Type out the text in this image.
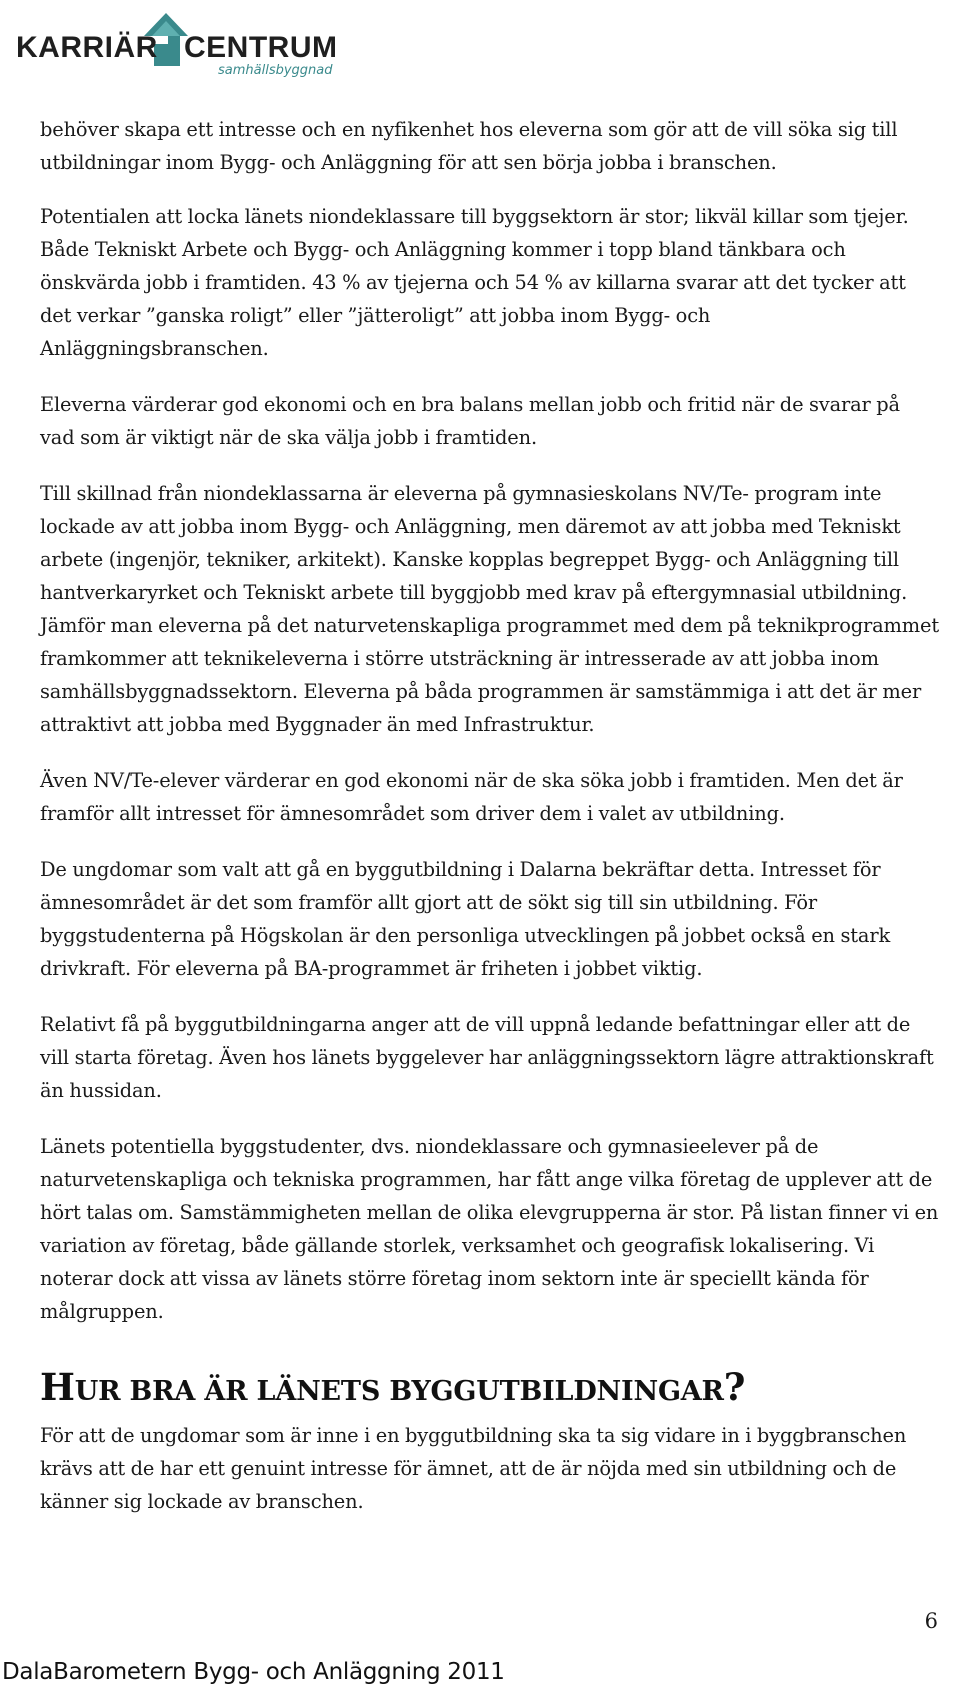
KARRIÄR CENTRUM
samhällsbyggnad

behöver skapa ett intresse och en nyfikenhet hos eleverna som gör att de vill söka sig till utbildningar inom Bygg- och Anläggning för att sen börja jobba i branschen.

Potentialen att locka länets niondeklassare till byggsektorn är stor; likväl killar som tjejer. Både Tekniskt Arbete och Bygg- och Anläggning kommer i topp bland tänkbara och önskvärda jobb i framtiden. 43 % av tjejerna och 54 % av killarna svarar att det tycker att det verkar ”ganska roligt” eller ”jätteroligt” att jobba inom Bygg- och Anläggningsbranschen.

Eleverna värderar god ekonomi och en bra balans mellan jobb och fritid när de svarar på vad som är viktigt när de ska välja jobb i framtiden.

Till skillnad från niondeklassarna är eleverna på gymnasieskolans NV/Te- program inte lockade av att jobba inom Bygg- och Anläggning, men däremot av att jobba med Tekniskt arbete (ingenjör, tekniker, arkitekt). Kanske kopplas begreppet Bygg- och Anläggning till hantverkaryrket och Tekniskt arbete till byggjobb med krav på eftergymnasial utbildning. Jämför man eleverna på det naturvetenskapliga programmet med dem på teknikprogrammet framkommer att teknikeleverna i större utsträckning är intresserade av att jobba inom samhällsbyggnadssektorn. Eleverna på båda programmen är samstämmiga i att det är mer attraktivt att jobba med Byggnader än med Infrastruktur.

Även NV/Te-elever värderar en god ekonomi när de ska söka jobb i framtiden. Men det är framför allt intresset för ämnesområdet som driver dem i valet av utbildning.

De ungdomar som valt att gå en byggutbildning i Dalarna bekräftar detta. Intresset för ämnesområdet är det som framför allt gjort att de sökt sig till sin utbildning. För byggstudenterna på Högskolan är den personliga utvecklingen på jobbet också en stark drivkraft. För eleverna på BA-programmet är friheten i jobbet viktig.

Relativt få på byggutbildningarna anger att de vill uppnå ledande befattningar eller att de vill starta företag. Även hos länets byggelever har anläggningssektorn lägre attraktionskraft än hussidan.

Länets potentiella byggstudenter, dvs. niondeklassare och gymnasieelever på de naturvetenskapliga och tekniska programmen, har fått ange vilka företag de upplever att de hört talas om. Samstämmigheten mellan de olika elevgrupperna är stor. På listan finner vi en variation av företag, både gällande storlek, verksamhet och geografisk lokalisering. Vi noterar dock att vissa av länets större företag inom sektorn inte är speciellt kända för målgruppen.

HUR BRA ÄR LÄNETS BYGGUTBILDNINGAR?

För att de ungdomar som är inne i en byggutbildning ska ta sig vidare in i byggbranschen krävs att de har ett genuint intresse för ämnet, att de är nöjda med sin utbildning och de känner sig lockade av branschen.

6
DalaBarometern Bygg- och Anläggning 2011
